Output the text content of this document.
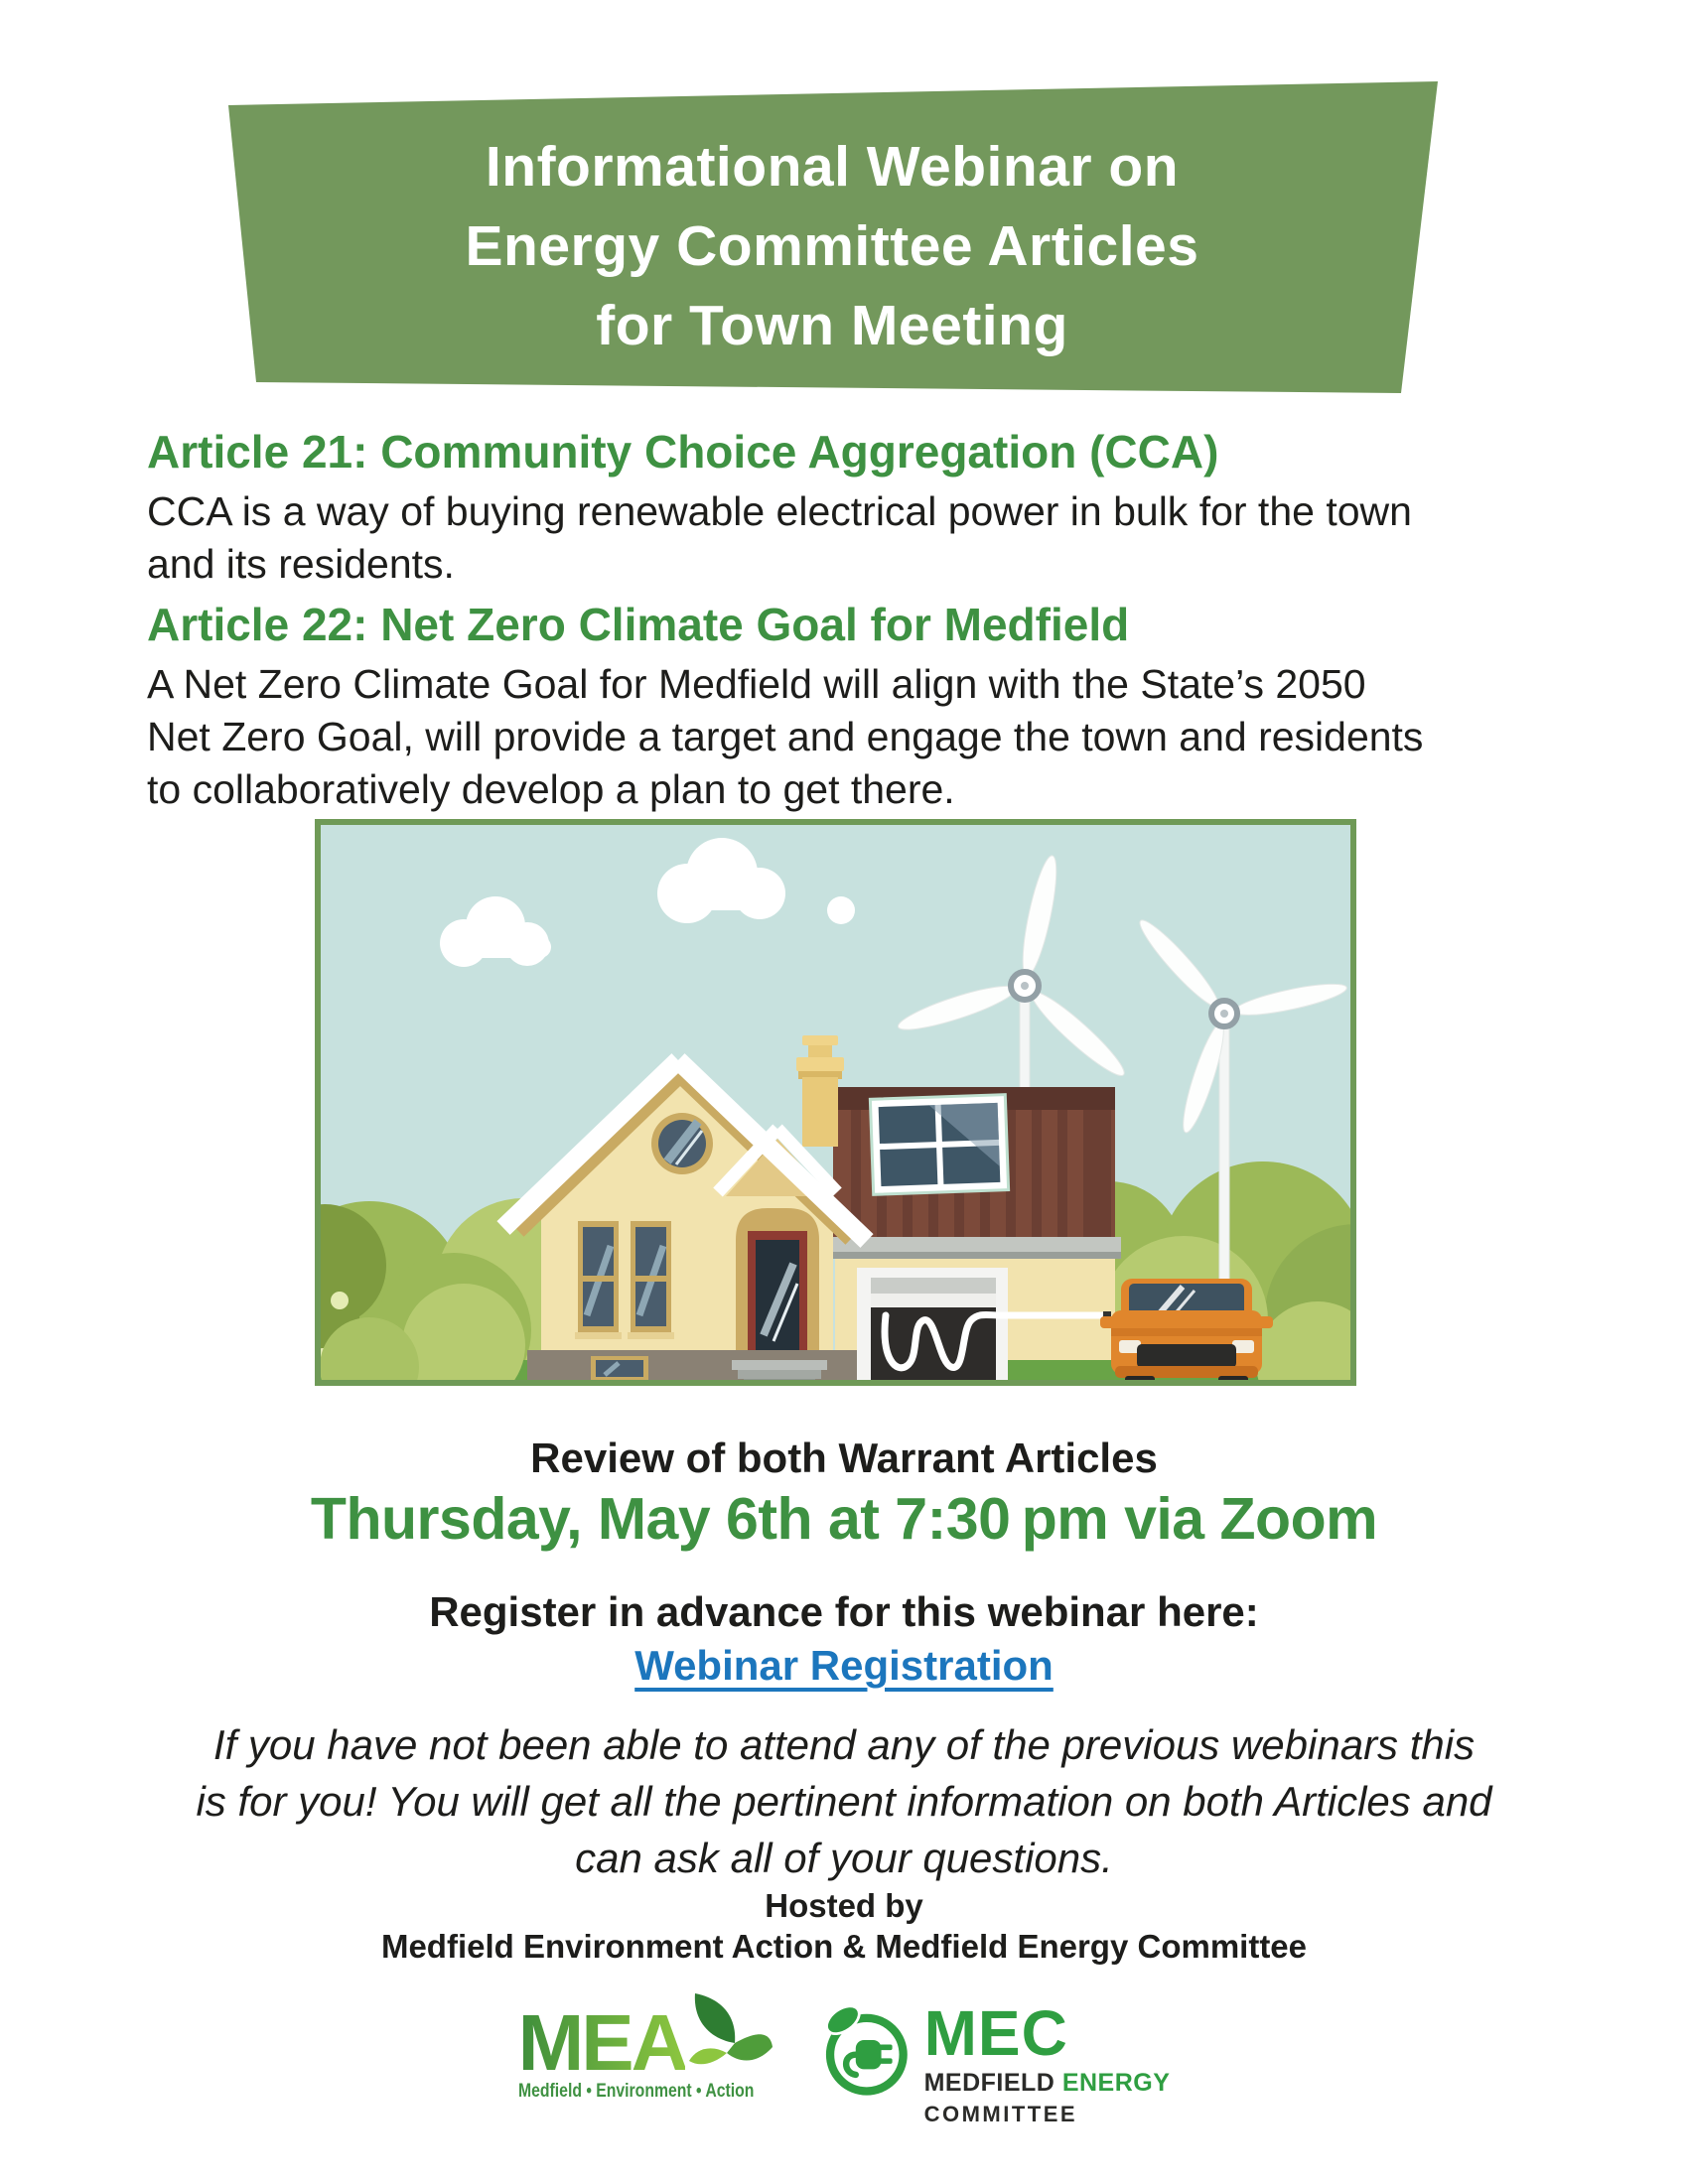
Informational Webinar on
Energy Committee Articles
for Town Meeting
Article 21: Community Choice Aggregation (CCA)
CCA is a way of buying renewable electrical power in bulk for the town
and its residents.
Article 22: Net Zero Climate Goal for Medfield
A Net Zero Climate Goal for Medfield will align with the State’s 2050
Net Zero Goal, will provide a target and engage the town and residents
to collaboratively develop a plan to get there.
Review of both Warrant Articles
Thursday, May 6th at 7:30 pm via Zoom
Register in advance for this webinar here:
Webinar Registration
If you have not been able to attend any of the previous webinars this
is for you! You will get all the pertinent information on both Articles and
can ask all of your questions.
Hosted by
Medfield Environment Action & Medfield Energy Committee
MEA
Medfield • Environment • Action
MEC
MEDFIELD ENERGY
COMMITTEE
